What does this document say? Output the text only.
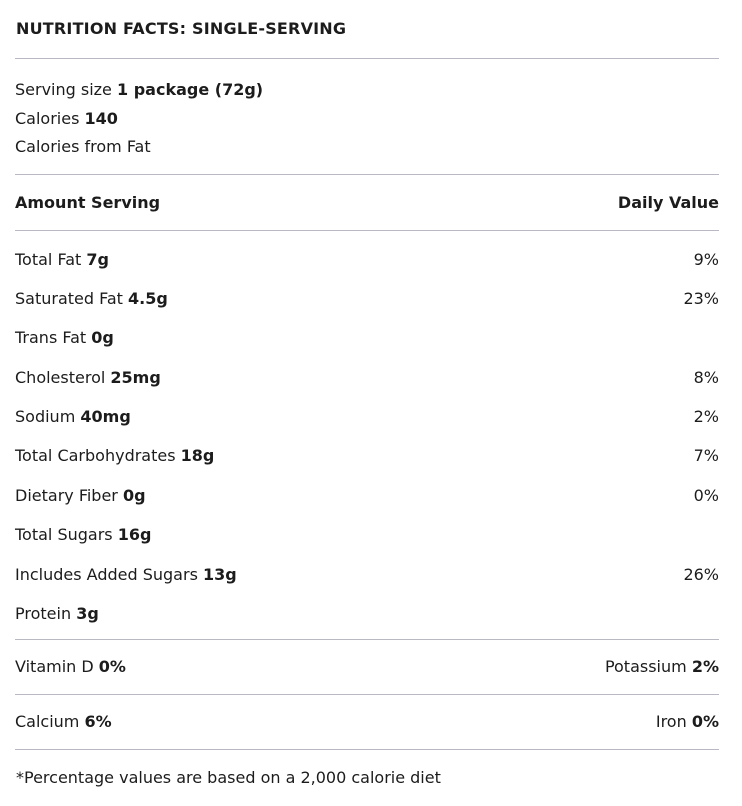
NUTRITION FACTS: SINGLE-SERVING
Serving size 1 package (72g)
Calories 140
Calories from Fat
Amount Serving	Daily Value
Total Fat 7g	9%
Saturated Fat 4.5g	23%
Trans Fat 0g
Cholesterol 25mg	8%
Sodium 40mg	2%
Total Carbohydrates 18g	7%
Dietary Fiber 0g	0%
Total Sugars 16g
Includes Added Sugars 13g	26%
Protein 3g
Vitamin D 0%	Potassium 2%
Calcium 6%	Iron 0%
*Percentage values are based on a 2,000 calorie diet
